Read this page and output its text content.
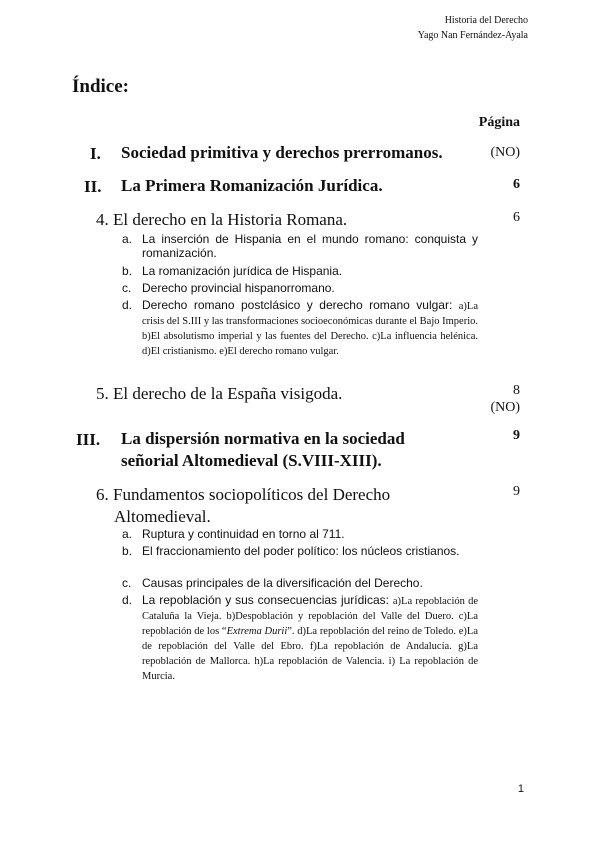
Historia del Derecho
Yago Nan Fernández-Ayala
Índice:
Página
I. Sociedad primitiva y derechos prerromanos.	(NO)
II. La Primera Romanización Jurídica.	6
4. El derecho en la Historia Romana.	6
a. La inserción de Hispania en el mundo romano: conquista y romanización.
b. La romanización jurídica de Hispania.
c. Derecho provincial hispanorromano.
d. Derecho romano postclásico y derecho romano vulgar: a)La crisis del S.III y las transformaciones socioeconómicas durante el Bajo Imperio. b)El absolutismo imperial y las fuentes del Derecho. c)La influencia helénica. d)El cristianismo. e)El derecho romano vulgar.
5. El derecho de la España visigoda.	8
(NO)
III. La dispersión normativa en la sociedad
señorial Altomedieval (S.VIII-XIII).
9
6. Fundamentos sociopolíticos del Derecho
Altomedieval.
9
a. Ruptura y continuidad en torno al 711.
b. El fraccionamiento del poder político: los núcleos cristianos.
c. Causas principales de la diversificación del Derecho.
d. La repoblación y sus consecuencias jurídicas: a)La repoblación de Cataluña la Vieja. b)Despoblación y repoblación del Valle del Duero. c)La repoblación de los “Extrema Durii”. d)La repoblación del reino de Toledo. e)La de repoblación del Valle del Ebro. f)La repoblación de Andalucía. g)La repoblación de Mallorca. h)La repoblación de Valencia. i) La repoblación de Murcia.
1
